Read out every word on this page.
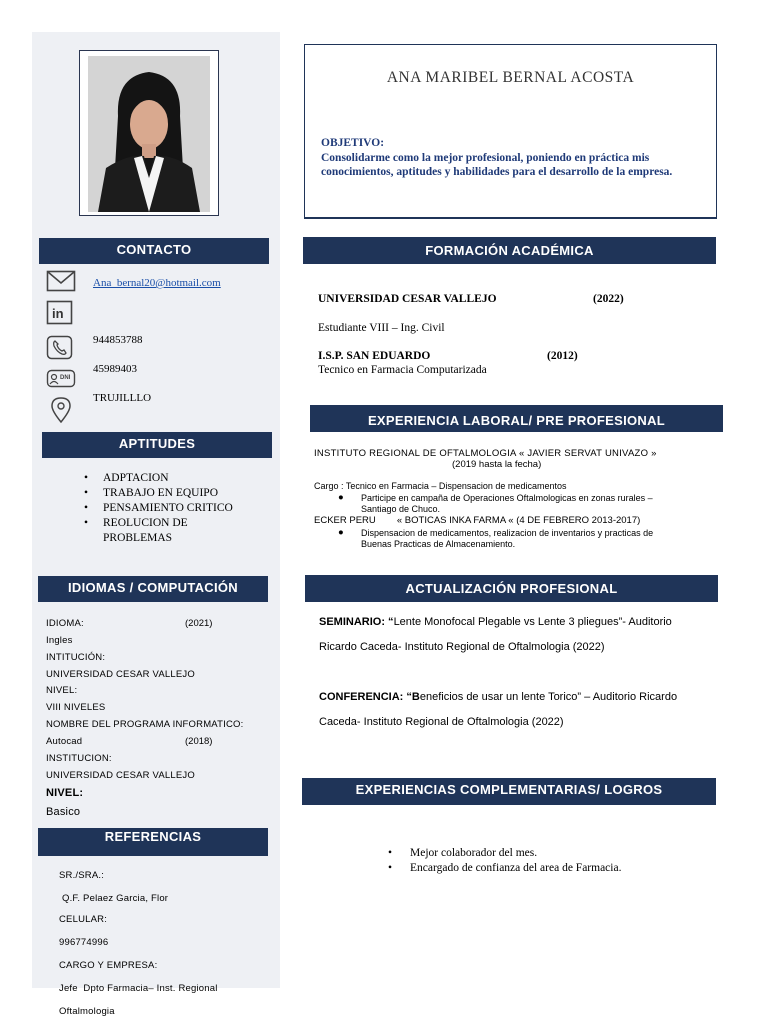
CONTACTO
Ana_bernal20@hotmail.com
in
944853788
DNI
45989403
TRUJILLLO
APTITUDES
• ADPTACION
• TRABAJO EN EQUIPO
• PENSAMIENTO CRITICO
• REOLUCION DE PROBLEMAS
IDIOMAS / COMPUTACIÓN
IDIOMA:	(2021)
Ingles
INTITUCIÓN:
UNIVERSIDAD CESAR VALLEJO
NIVEL:
VIII NIVELES
NOMBRE DEL PROGRAMA INFORMATICO:
Autocad	(2018)
INSTITUCION:
UNIVERSIDAD CESAR VALLEJO
NIVEL:
Basico
REFERENCIAS
SR./SRA.:
Q.F. Pelaez Garcia, Flor
CELULAR:
996774996
CARGO Y EMPRESA:
Jefe  Dpto Farmacia– Inst. Regional
Oftalmologia
ANA MARIBEL BERNAL ACOSTA
OBJETIVO:
Consolidarme como la mejor profesional, poniendo en práctica mis conocimientos, aptitudes y habilidades para el desarrollo de la empresa.
FORMACIÓN ACADÉMICA
UNIVERSIDAD CESAR VALLEJO	(2022)
Estudiante VIII – Ing. Civil
I.S.P. SAN EDUARDO	(2012)
Tecnico en Farmacia Computarizada
EXPERIENCIA LABORAL/ PRE PROFESIONAL
INSTITUTO REGIONAL DE OFTALMOLOGIA « JAVIER SERVAT UNIVAZO »
(2019 hasta la fecha)
Cargo : Tecnico en Farmacia – Dispensacion de medicamentos
● Participe en campaña de Operaciones Oftalmologicas en zonas rurales –
Santiago de Chuco.
ECKER PERU        « BOTICAS INKA FARMA « (4 DE FEBRERO 2013-2017)
● Dispensacion de medicamentos, realizacion de inventarios y practicas de
Buenas Practicas de Almacenamiento.
ACTUALIZACIÓN PROFESIONAL
SEMINARIO: “Lente Monofocal Plegable vs Lente 3 pliegues”- Auditorio
Ricardo Caceda- Instituto Regional de Oftalmologia (2022)
CONFERENCIA: “Beneficios de usar un lente Torico” – Auditorio Ricardo
Caceda- Instituto Regional de Oftalmologia (2022)
EXPERIENCIAS COMPLEMENTARIAS/ LOGROS
• Mejor colaborador del mes.
• Encargado de confianza del area de Farmacia.
